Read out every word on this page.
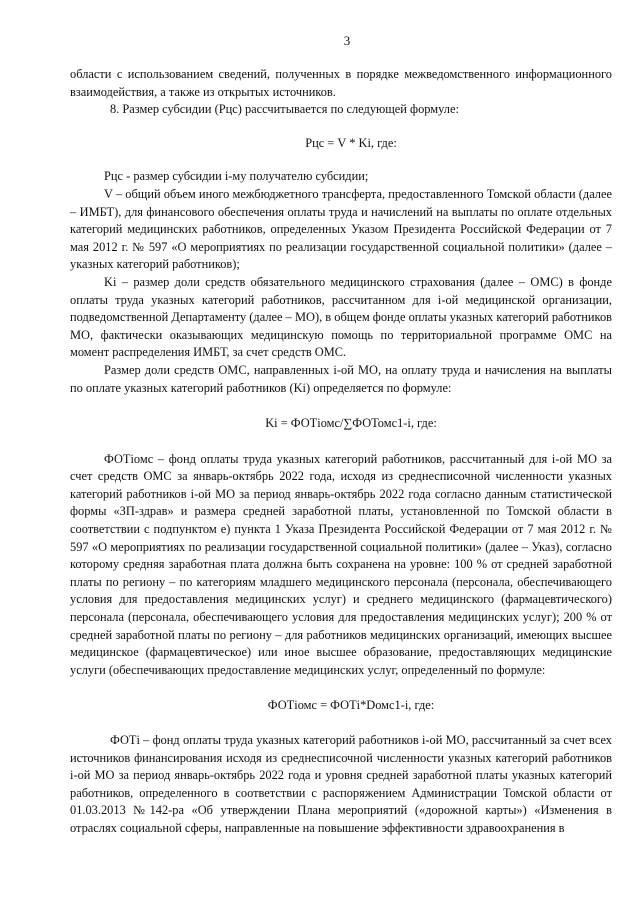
3

области с использованием сведений, полученных в порядке межведомственного информационного взаимодействия, а также из открытых источников.

8. Размер субсидии (Рцс) рассчитывается по следующей формуле:

Рцс = V * Ki, где:

Рцс - размер субсидии i-му получателю субсидии;

V – общий объем иного межбюджетного трансферта, предоставленного Томской области (далее – ИМБТ), для финансового обеспечения оплаты труда и начислений на выплаты по оплате отдельных категорий медицинских работников, определенных Указом Президента Российской Федерации от 7 мая 2012 г. № 597 «О мероприятиях по реализации государственной социальной политики» (далее – указных категорий работников);

Ki – размер доли средств обязательного медицинского страхования (далее – ОМС) в фонде оплаты труда указных категорий работников, рассчитанном для i-ой медицинской организации, подведомственной Департаменту (далее – МО), в общем фонде оплаты указных категорий работников МО, фактически оказывающих медицинскую помощь по территориальной программе ОМС на момент распределения ИМБТ, за счет средств ОМС.

Размер доли средств ОМС, направленных i-ой МО, на оплату труда и начисления на выплаты по оплате указных категорий работников (Ki) определяется по формуле:

Ki = ФОТiомс/∑ФОТомс1-i, где:

ФОТiомс – фонд оплаты труда указных категорий работников, рассчитанный для i-ой МО за счет средств ОМС за январь-октябрь 2022 года, исходя из среднесписочной численности указных категорий работников i-ой МО за период январь-октябрь 2022 года согласно данным статистической формы «ЗП-здрав» и размера средней заработной платы, установленной по Томской области в соответствии с подпунктом е) пункта 1 Указа Президента Российской Федерации от 7 мая 2012 г. № 597 «О мероприятиях по реализации государственной социальной политики» (далее – Указ), согласно которому средняя заработная плата должна быть сохранена на уровне: 100 % от средней заработной платы по региону – по категориям младшего медицинского персонала (персонала, обеспечивающего условия для предоставления медицинских услуг) и среднего медицинского (фармацевтического) персонала (персонала, обеспечивающего условия для предоставления медицинских услуг); 200 % от средней заработной платы по региону – для работников медицинских организаций, имеющих высшее медицинское (фармацевтическое) или иное высшее образование, предоставляющих медицинские услуги (обеспечивающих предоставление медицинских услуг, определенный по формуле:

ФОТiомс = ФОТi*Dомс1-i, где:

ФОТi – фонд оплаты труда указных категорий работников i-ой МО, рассчитанный за счет всех источников финансирования исходя из среднесписочной численности указных категорий работников i-ой МО за период январь-октябрь 2022 года и уровня средней заработной платы указных категорий работников, определенного в соответствии с распоряжением Администрации Томской области от 01.03.2013 №142-ра «Об утверждении Плана мероприятий («дорожной карты») «Изменения в отраслях социальной сферы, направленные на повышение эффективности здравоохранения в
